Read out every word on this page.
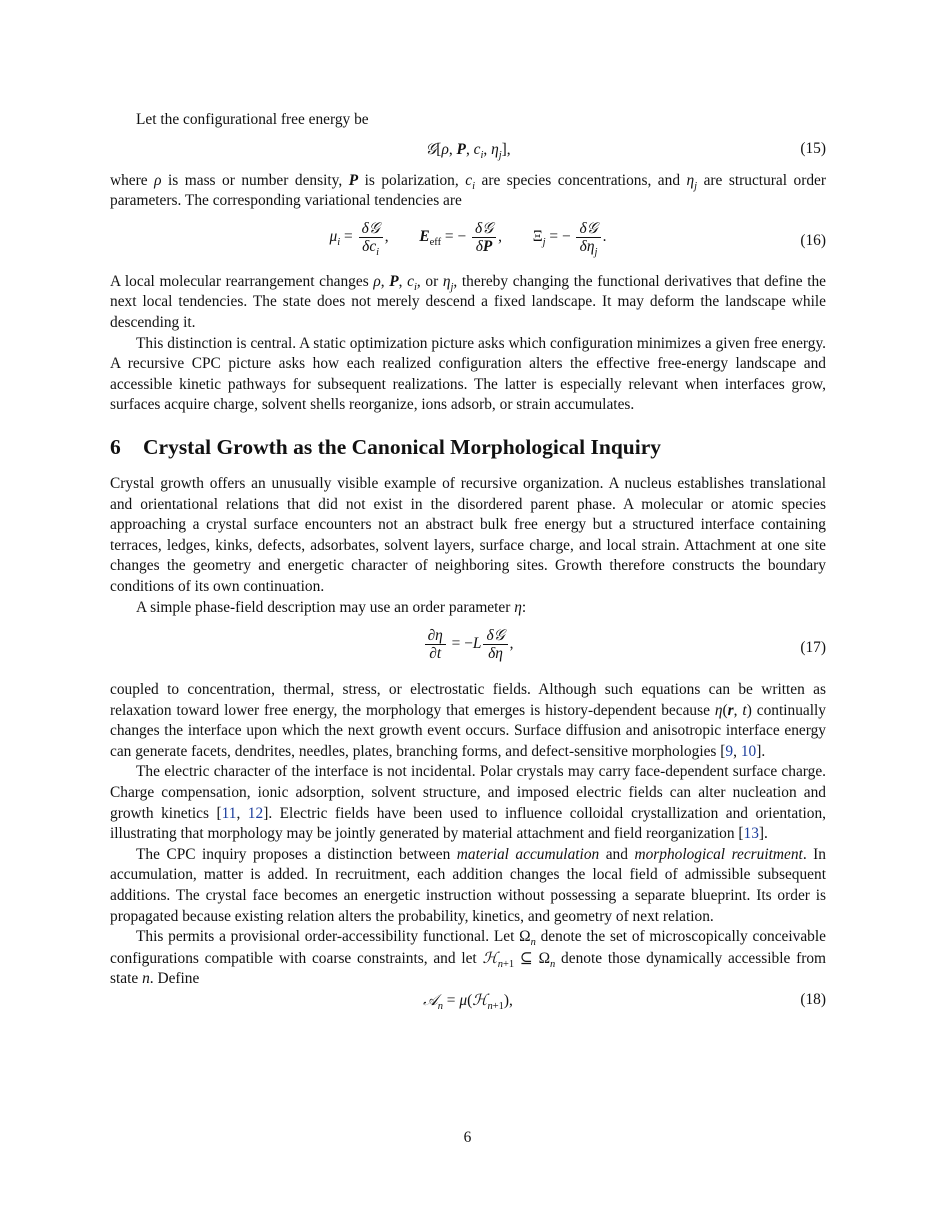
Let the configurational free energy be

𝒢[ρ, P, $c_i$, $\eta_j$],	(15)

where ρ is mass or number density, P is polarization, $c_i$ are species concentrations, and $\eta_j$ are structural order parameters. The corresponding variational tendencies are

$\mu_i = \frac{\text{δ𝒢}}{\delta c_i}$ ,        $E_{eff}$ = − $\frac{\text{δ𝒢}}{\delta P}$ ,        $\Xi_j$ = − $\frac{\text{δ𝒢}}{\delta\eta_j}$ .	(16)

A local molecular rearrangement changes ρ, P, $c_i$, or $\eta_j$, thereby changing the functional derivatives that define the next local tendencies. The state does not merely descend a fixed landscape. It may deform the landscape while descending it.

This distinction is central. A static optimization picture asks which configuration minimizes a given free energy. A recursive CPC picture asks how each realized configuration alters the effective free-energy landscape and accessible kinetic pathways for subsequent realizations. The latter is especially relevant when interfaces grow, surfaces acquire charge, solvent shells reorganize, ions adsorb, or strain accumulates.

6 Crystal Growth as the Canonical Morphological Inquiry

Crystal growth offers an unusually visible example of recursive organization. A nucleus establishes translational and orientational relations that did not exist in the disordered parent phase. A molecular or atomic species approaching a crystal surface encounters not an abstract bulk free energy but a structured interface containing terraces, ledges, kinks, defects, adsorbates, solvent layers, surface charge, and local strain. Attachment at one site changes the geometry and energetic character of neighboring sites. Growth therefore constructs the boundary conditions of its own continuation.

A simple phase-field description may use an order parameter η:

$\frac{\partial\eta}{\partial t} = -L \frac{\text{δ𝒢}}{\delta\eta}$ ,	(17)

coupled to concentration, thermal, stress, or electrostatic fields. Although such equations can be written as relaxation toward lower free energy, the morphology that emerges is history-dependent because η(r, t) continually changes the interface upon which the next growth event occurs. Surface diffusion and anisotropic interface energy can generate facets, dendrites, needles, plates, branching forms, and defect-sensitive morphologies [9, 10].

The electric character of the interface is not incidental. Polar crystals may carry face-dependent surface charge. Charge compensation, ionic adsorption, solvent structure, and imposed electric fields can alter nucleation and growth kinetics [11, 12]. Electric fields have been used to influence colloidal crystallization and orientation, illustrating that morphology may be jointly generated by material attachment and field reorganization [13].

The CPC inquiry proposes a distinction between material accumulation and morphological recruitment. In accumulation, matter is added. In recruitment, each addition changes the local field of admissible subsequent additions. The crystal face becomes an energetic instruction without possessing a separate blueprint. Its order is propagated because existing relation alters the probability, kinetics, and geometry of next relation.

This permits a provisional order-accessibility functional. Let $\Omega_n$ denote the set of microscopically conceivable configurations compatible with coarse constraints, and let ℋ$_{n+1}$ ⊆ $\Omega_n$ denote those dynamically accessible from state n. Define

𝒜$_n$ = μ(ℋ$_{n+1}$),	(18)
6
